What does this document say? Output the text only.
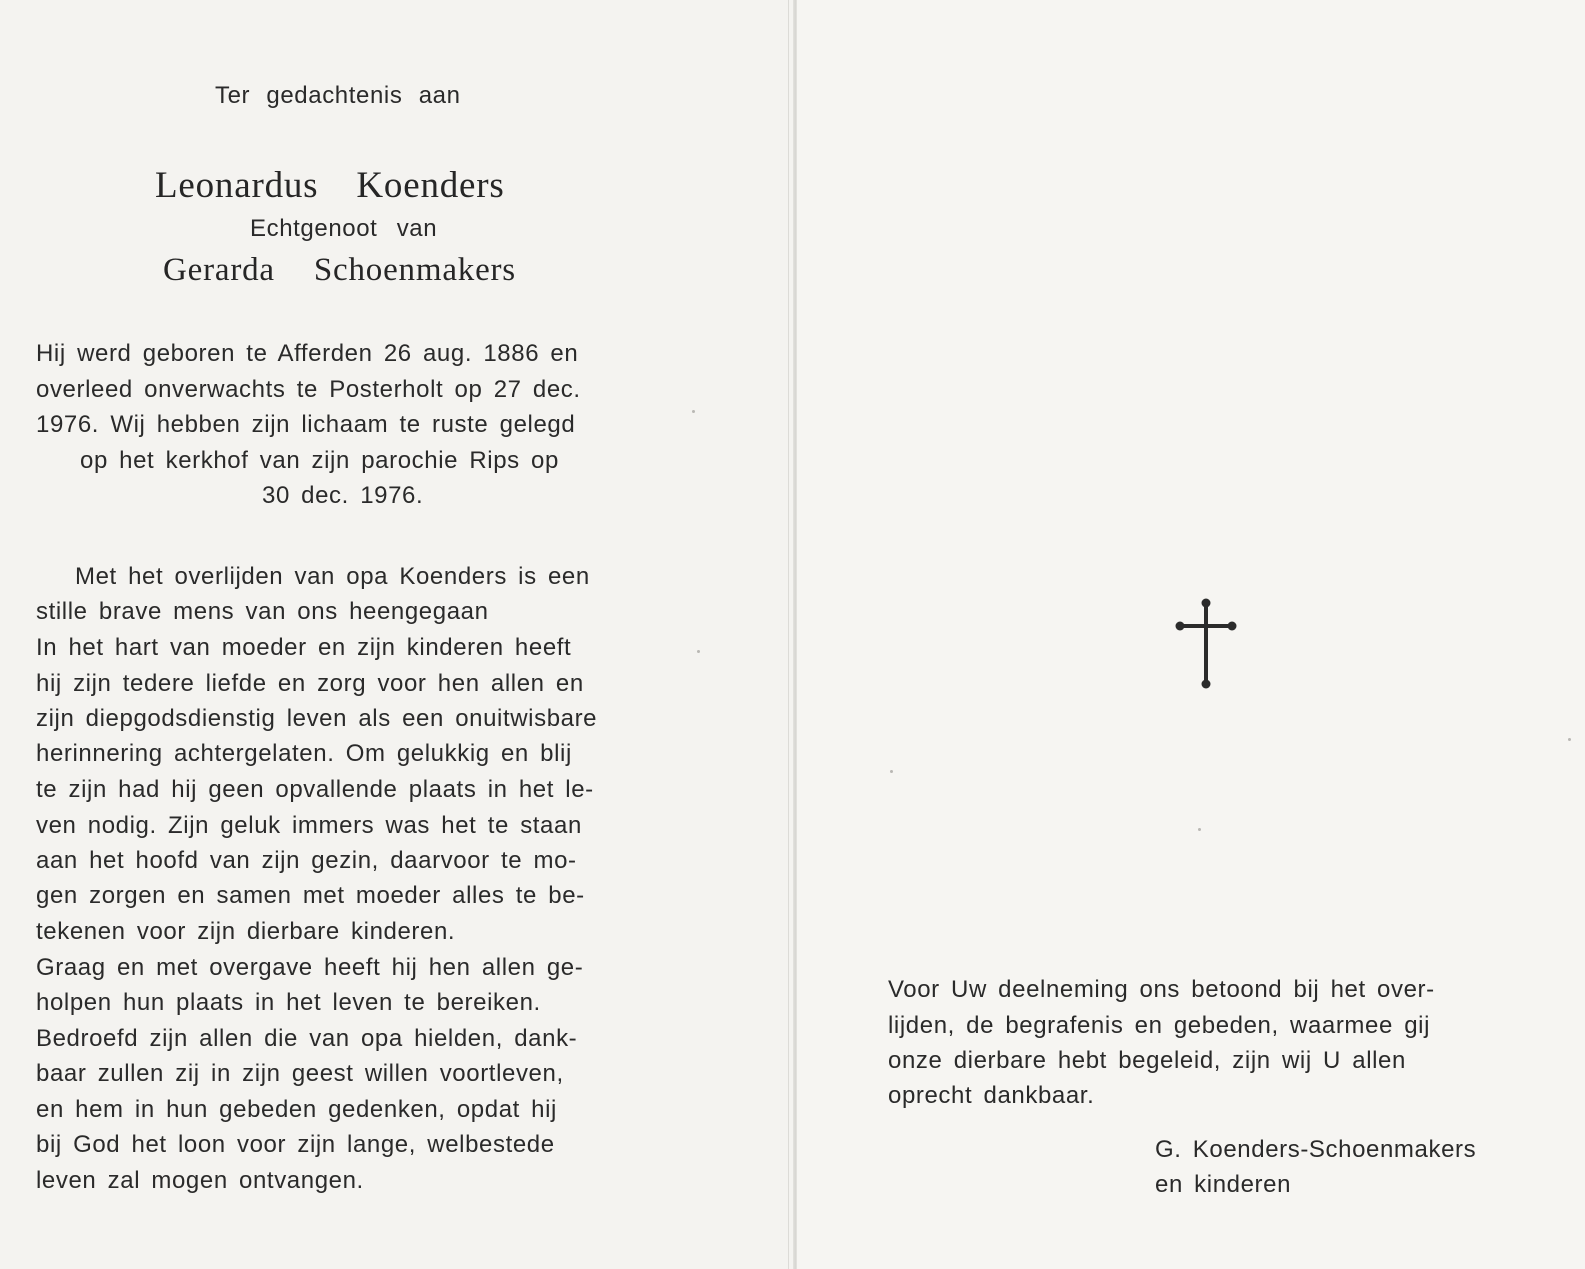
Ter gedachtenis aan
Leonardus Koenders
Echtgenoot van
Gerarda Schoenmakers
Hij werd geboren te Afferden 26 aug. 1886 en
overleed onverwachts te Posterholt op 27 dec.
1976. Wij hebben zijn lichaam te ruste gelegd
op het kerkhof van zijn parochie Rips op
30 dec. 1976.
Met het overlijden van opa Koenders is een
stille brave mens van ons heengegaan
In het hart van moeder en zijn kinderen heeft
hij zijn tedere liefde en zorg voor hen allen en
zijn diepgodsdienstig leven als een onuitwisbare
herinnering achtergelaten. Om gelukkig en blij
te zijn had hij geen opvallende plaats in het le-
ven nodig. Zijn geluk immers was het te staan
aan het hoofd van zijn gezin, daarvoor te mo-
gen zorgen en samen met moeder alles te be-
tekenen voor zijn dierbare kinderen.
Graag en met overgave heeft hij hen allen ge-
holpen hun plaats in het leven te bereiken.
Bedroefd zijn allen die van opa hielden, dank-
baar zullen zij in zijn geest willen voortleven,
en hem in hun gebeden gedenken, opdat hij
bij God het loon voor zijn lange, welbestede
leven zal mogen ontvangen.
Voor Uw deelneming ons betoond bij het over-
lijden, de begrafenis en gebeden, waarmee gij
onze dierbare hebt begeleid, zijn wij U allen
oprecht dankbaar.
G. Koenders-Schoenmakers
en kinderen
